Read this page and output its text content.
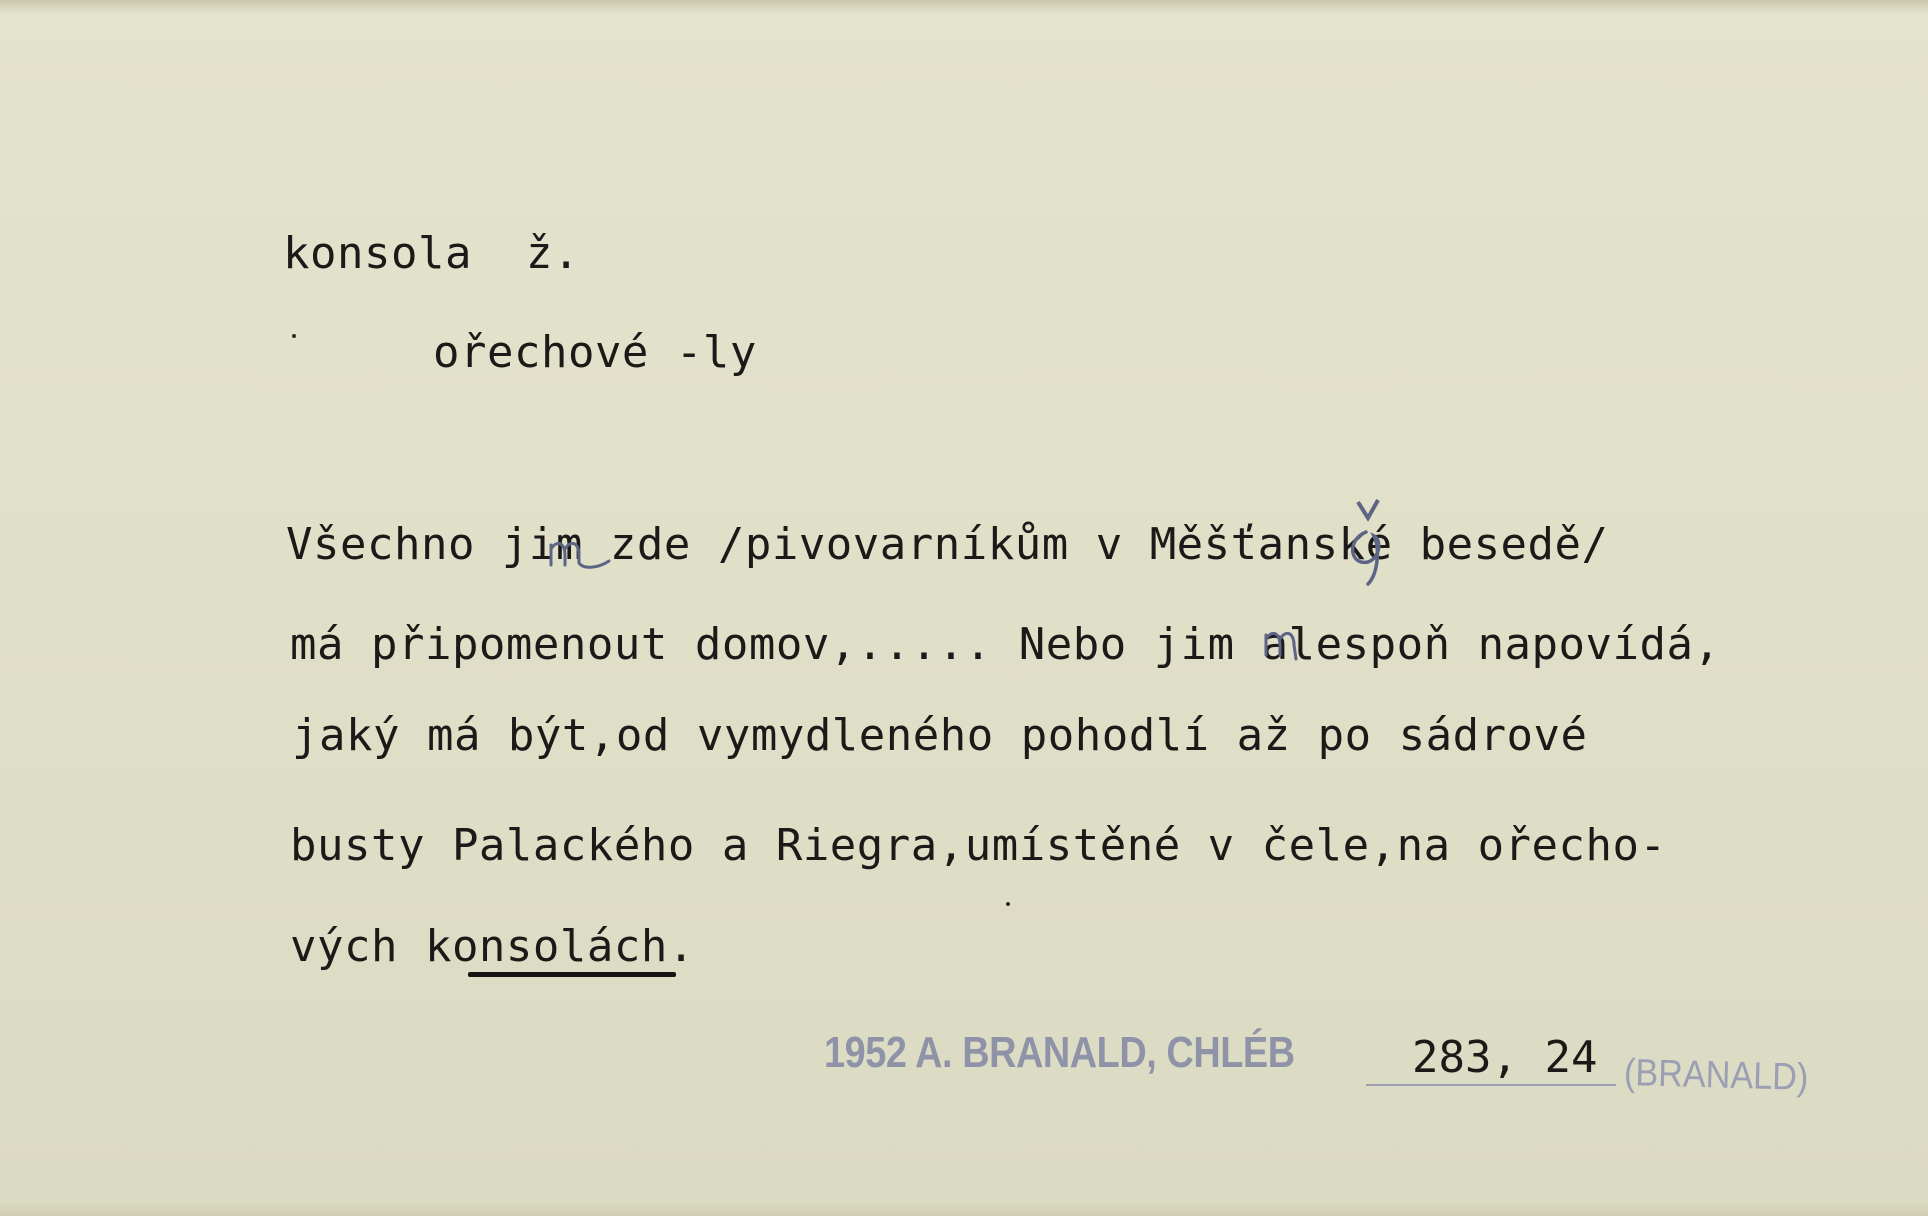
konsola  ž.
ořechové -ly
Všechno jim zde /pivovarníkům v Měšťanské besedě/
má připomenout domov,..... Nebo jim alespoň napovídá,
jaký má být,od vymydleného pohodlí až po sádrové
busty Palackého a Riegra,umístěné v čele,na ořecho-
vých konsolách.
1952 A. BRANALD, CHLÉB	283, 24 (BRANALD)
